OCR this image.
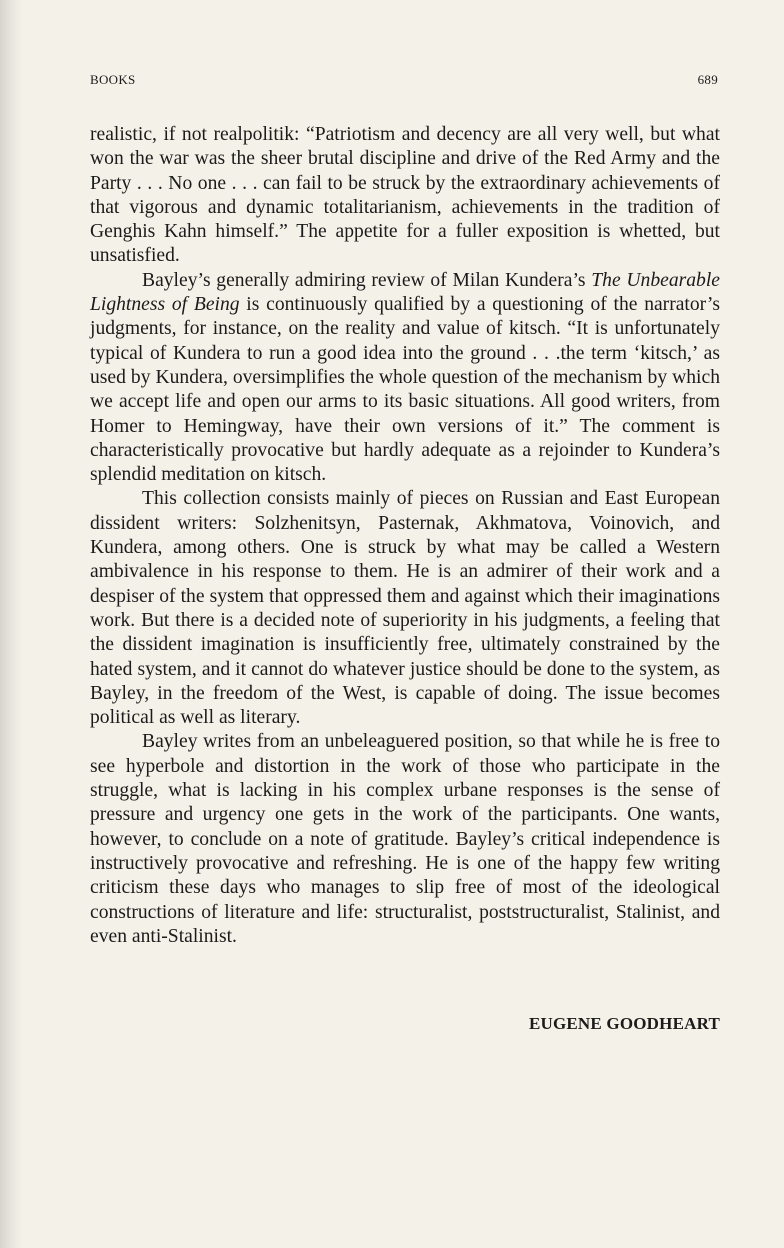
BOOKS	689

realistic, if not realpolitik: “Patriotism and decency are all very well, but what won the war was the sheer brutal discipline and drive of the Red Army and the Party . . . No one . . . can fail to be struck by the extraordinary achievements of that vigorous and dynamic totalitarianism, achievements in the tradition of Genghis Kahn himself.” The appetite for a fuller exposition is whetted, but unsatisfied.

Bayley’s generally admiring review of Milan Kundera’s The Unbearable Lightness of Being is continuously qualified by a questioning of the narrator’s judgments, for instance, on the reality and value of kitsch. “It is unfortunately typical of Kundera to run a good idea into the ground . . .the term ‘kitsch,’ as used by Kundera, oversimplifies the whole question of the mechanism by which we accept life and open our arms to its basic situations. All good writers, from Homer to Hemingway, have their own versions of it.” The comment is characteristically provocative but hardly adequate as a rejoinder to Kundera’s splendid meditation on kitsch.

This collection consists mainly of pieces on Russian and East European dissident writers: Solzhenitsyn, Pasternak, Akhmatova, Voinovich, and Kundera, among others. One is struck by what may be called a Western ambivalence in his response to them. He is an admirer of their work and a despiser of the system that oppressed them and against which their imaginations work. But there is a decided note of superiority in his judgments, a feeling that the dissident imagination is insufficiently free, ultimately constrained by the hated system, and it cannot do whatever justice should be done to the system, as Bayley, in the freedom of the West, is capable of doing. The issue becomes political as well as literary.

Bayley writes from an unbeleaguered position, so that while he is free to see hyperbole and distortion in the work of those who participate in the struggle, what is lacking in his complex urbane responses is the sense of pressure and urgency one gets in the work of the participants. One wants, however, to conclude on a note of gratitude. Bayley’s critical independence is instructively provocative and refreshing. He is one of the happy few writing criticism these days who manages to slip free of most of the ideological constructions of literature and life: structuralist, poststructuralist, Stalinist, and even anti-Stalinist.

EUGENE GOODHEART
